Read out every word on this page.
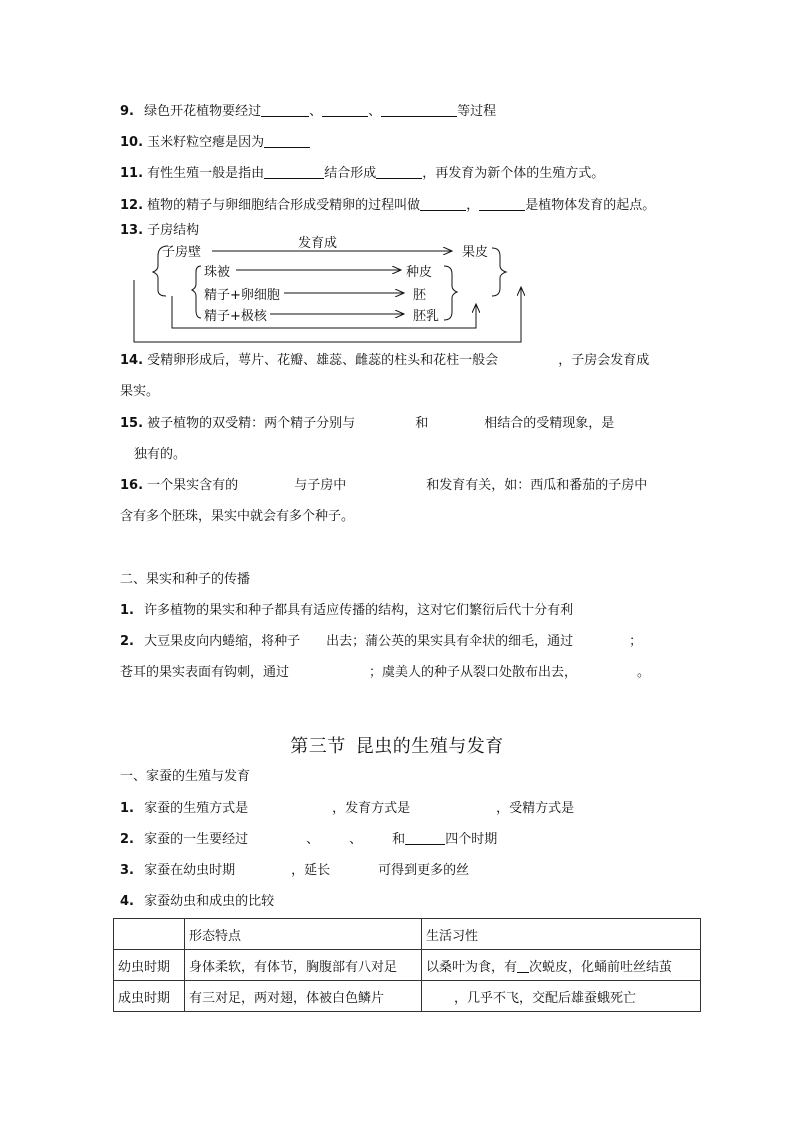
9. 绿色开花植物要经过	、	、	等过程
10. 玉米籽粒空瘪是因为
11. 有性生殖一般是指由	结合形成	，再发育为新个体的生殖方式。
12. 植物的精子与卵细胞结合形成受精卵的过程叫做	，	是植物体发育的起点。
13. 子房结构
子房壁
发育成
果皮
珠被	种皮
精子+卵细胞	胚
精子+极核	胚乳
14. 受精卵形成后，萼片、花瓣、雄蕊、雌蕊的柱头和花柱一般会	，子房会发育成
果实。
15. 被子植物的双受精：两个精子分别与	和	相结合的受精现象，是
独有的。
16. 一个果实含有的	与子房中	和发育有关，如：西瓜和番茄的子房中
含有多个胚珠，果实中就会有多个种子。
二、果实和种子的传播
1. 许多植物的果实和种子都具有适应传播的结构，这对它们繁衍后代十分有利
2. 大豆果皮向内蜷缩，将种子 出去；蒲公英的果实具有伞状的细毛，通过	；
苍耳的果实表面有钩刺，通过	；虞美人的种子从裂口处散布出去，	。
第三节 昆虫的生殖与发育
一、家蚕的生殖与发育
1. 家蚕的生殖方式是	，发育方式是	，受精方式是
2. 家蚕的一生要经过	、 、 和	四个时期
3. 家蚕在幼虫时期	，延长	可得到更多的丝
4. 家蚕幼虫和成虫的比较
	形态特点	生活习性
幼虫时期	身体柔软，有体节，胸腹部有八对足	以桑叶为食，有 次蜕皮，化蛹前吐丝结茧
成虫时期	有三对足，两对翅，体被白色鳞片	，几乎不飞，交配后雄蚕蛾死亡
